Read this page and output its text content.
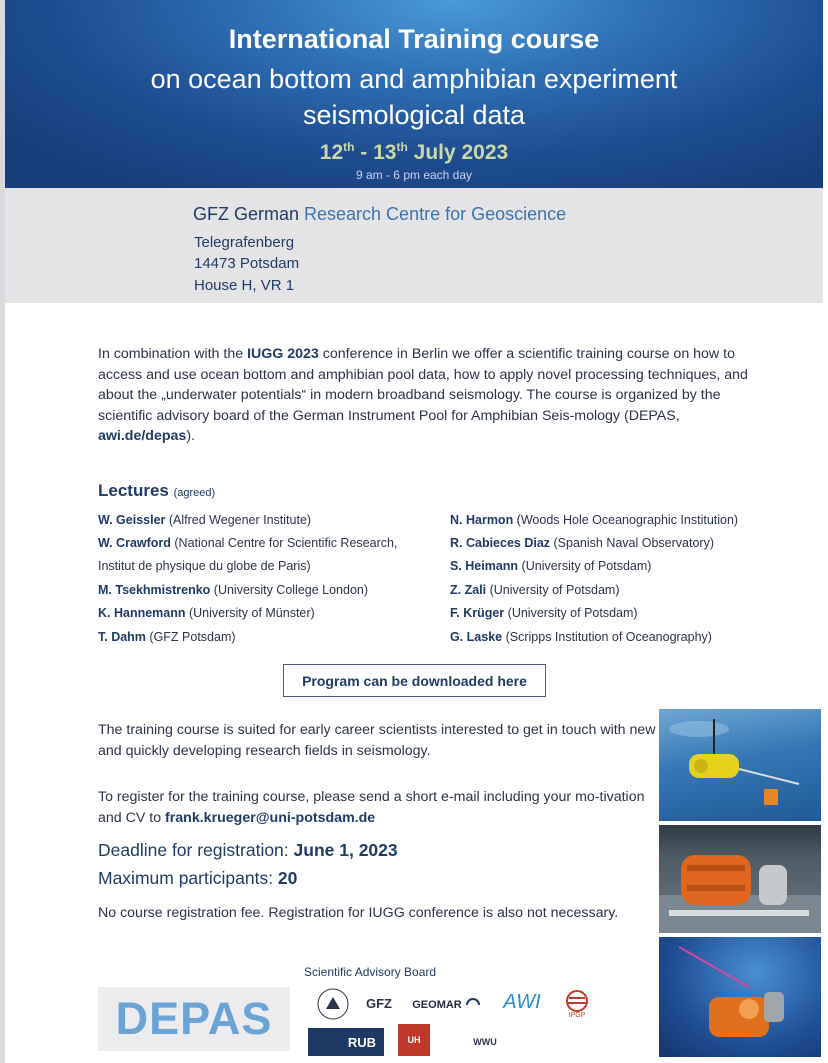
International Training course
on ocean bottom and amphibian experiment
seismological data
12th - 13th July 2023
9 am - 6 pm each day
GFZ German Research Centre for Geoscience
Telegrafenberg
14473 Potsdam
House H, VR 1
In combination with the IUGG 2023 conference in Berlin we offer a scientific training course on how to access and use ocean bottom and amphibian pool data, how to apply novel processing techniques, and about the „underwater potentials“ in modern broadband seismology. The course is organized by the scientific advisory board of the German Instrument Pool for Amphibian Seis-mology (DEPAS, awi.de/depas).
Lectures (agreed)
W. Geissler (Alfred Wegener Institute)
W. Crawford (National Centre for Scientific Research,
Institut de physique du globe de Paris)
M. Tsekhmistrenko (University College London)
K. Hannemann (University of Münster)
T. Dahm (GFZ Potsdam)
N. Harmon (Woods Hole Oceanographic Institution)
R. Cabieces Diaz (Spanish Naval Observatory)
S. Heimann (University of Potsdam)
Z. Zali (University of Potsdam)
F. Krüger (University of Potsdam)
G. Laske (Scripps Institution of Oceanography)
Program can be downloaded here
The training course is suited for early career scientists interested to get in touch with new and quickly developing research fields in seismology.
To register for the training course, please send a short e-mail including your mo-tivation and CV to frank.krueger@uni-potsdam.de
Deadline for registration: June 1, 2023
Maximum participants: 20
No course registration fee. Registration for IUGG conference is also not necessary.
Scientific Advisory Board
DEPAS	GFZ	GEOMAR	AWI
IPGP
RUB	UH	WWU
